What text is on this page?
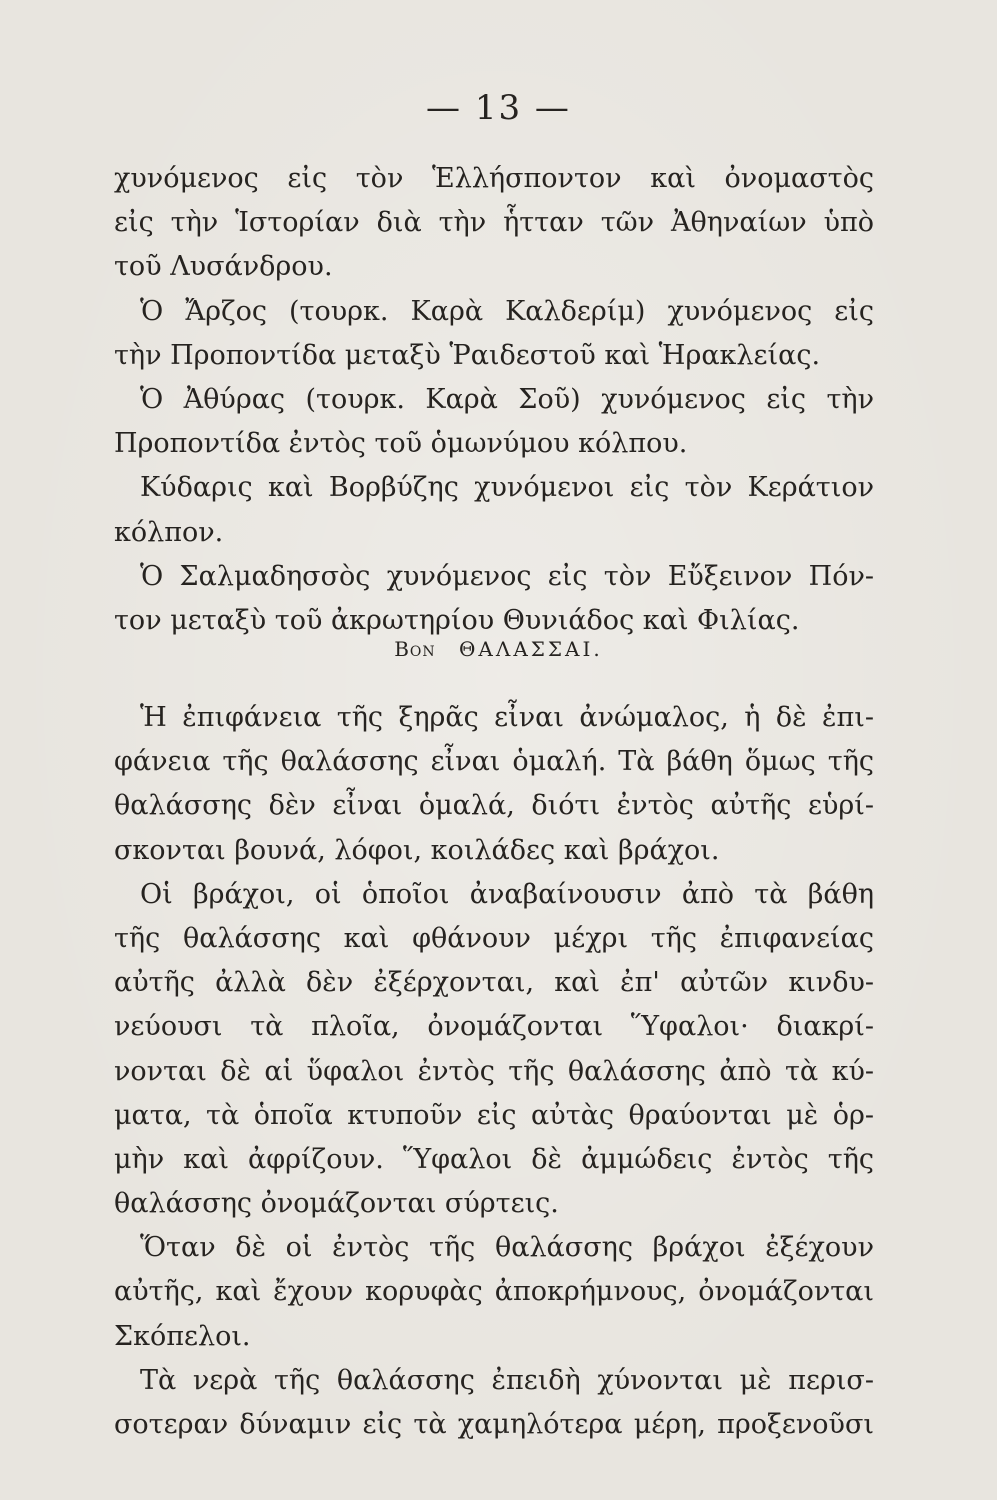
— 13 —
χυνόμενος εἰς τὸν Ἑλλήσποντον καὶ ὀνομαστὸς
εἰς τὴν Ἱστορίαν διὰ τὴν ἧτταν τῶν Ἀθηναίων ὑπὸ
τοῦ Λυσάνδρου.
Ὁ Ἄρζος (τουρκ. Καρὰ Καλδερίμ) χυνόμενος εἰς
τὴν Προποντίδα μεταξὺ Ῥαιδεστοῦ καὶ Ἡρακλείας.
Ὁ Ἀθύρας (τουρκ. Καρὰ Σοῦ) χυνόμενος εἰς τὴν
Προποντίδα ἐντὸς τοῦ ὁμωνύμου κόλπου.
Κύδαρις καὶ Βορβύζης χυνόμενοι εἰς τὸν Κεράτιον
κόλπον.
Ὁ Σαλμαδησσὸς χυνόμενος εἰς τὸν Εὔξεινον Πόν-
τον μεταξὺ τοῦ ἀκρωτηρίου Θυνιάδος καὶ Φιλίας.
Βον ΘΑΛΑΣΣΑΙ.
Ἡ ἐπιφάνεια τῆς ξηρᾶς εἶναι ἀνώμαλος, ἡ δὲ ἐπι-
φάνεια τῆς θαλάσσης εἶναι ὁμαλή. Τὰ βάθη ὅμως τῆς
θαλάσσης δὲν εἶναι ὁμαλά, διότι ἐντὸς αὐτῆς εὑρί-
σκονται βουνά, λόφοι, κοιλάδες καὶ βράχοι.
Οἱ βράχοι, οἱ ὁποῖοι ἀναβαίνουσιν ἀπὸ τὰ βάθη
τῆς θαλάσσης καὶ φθάνουν μέχρι τῆς ἐπιφανείας
αὐτῆς ἀλλὰ δὲν ἐξέρχονται, καὶ ἐπ' αὐτῶν κινδυ-
νεύουσι τὰ πλοῖα, ὀνομάζονται Ὕφαλοι· διακρί-
νονται δὲ αἱ ὕφαλοι ἐντὸς τῆς θαλάσσης ἀπὸ τὰ κύ-
ματα, τὰ ὁποῖα κτυποῦν εἰς αὐτὰς θραύονται μὲ ὁρ-
μὴν καὶ ἀφρίζουν. Ὕφαλοι δὲ ἀμμώδεις ἐντὸς τῆς
θαλάσσης ὀνομάζονται σύρτεις.
Ὅταν δὲ οἱ ἐντὸς τῆς θαλάσσης βράχοι ἐξέχουν
αὐτῆς, καὶ ἔχουν κορυφὰς ἀποκρήμνους, ὀνομάζονται
Σκόπελοι.
Τὰ νερὰ τῆς θαλάσσης ἐπειδὴ χύνονται μὲ περισ-
σοτεραν δύναμιν εἰς τὰ χαμηλότερα μέρη, προξενοῦσι
